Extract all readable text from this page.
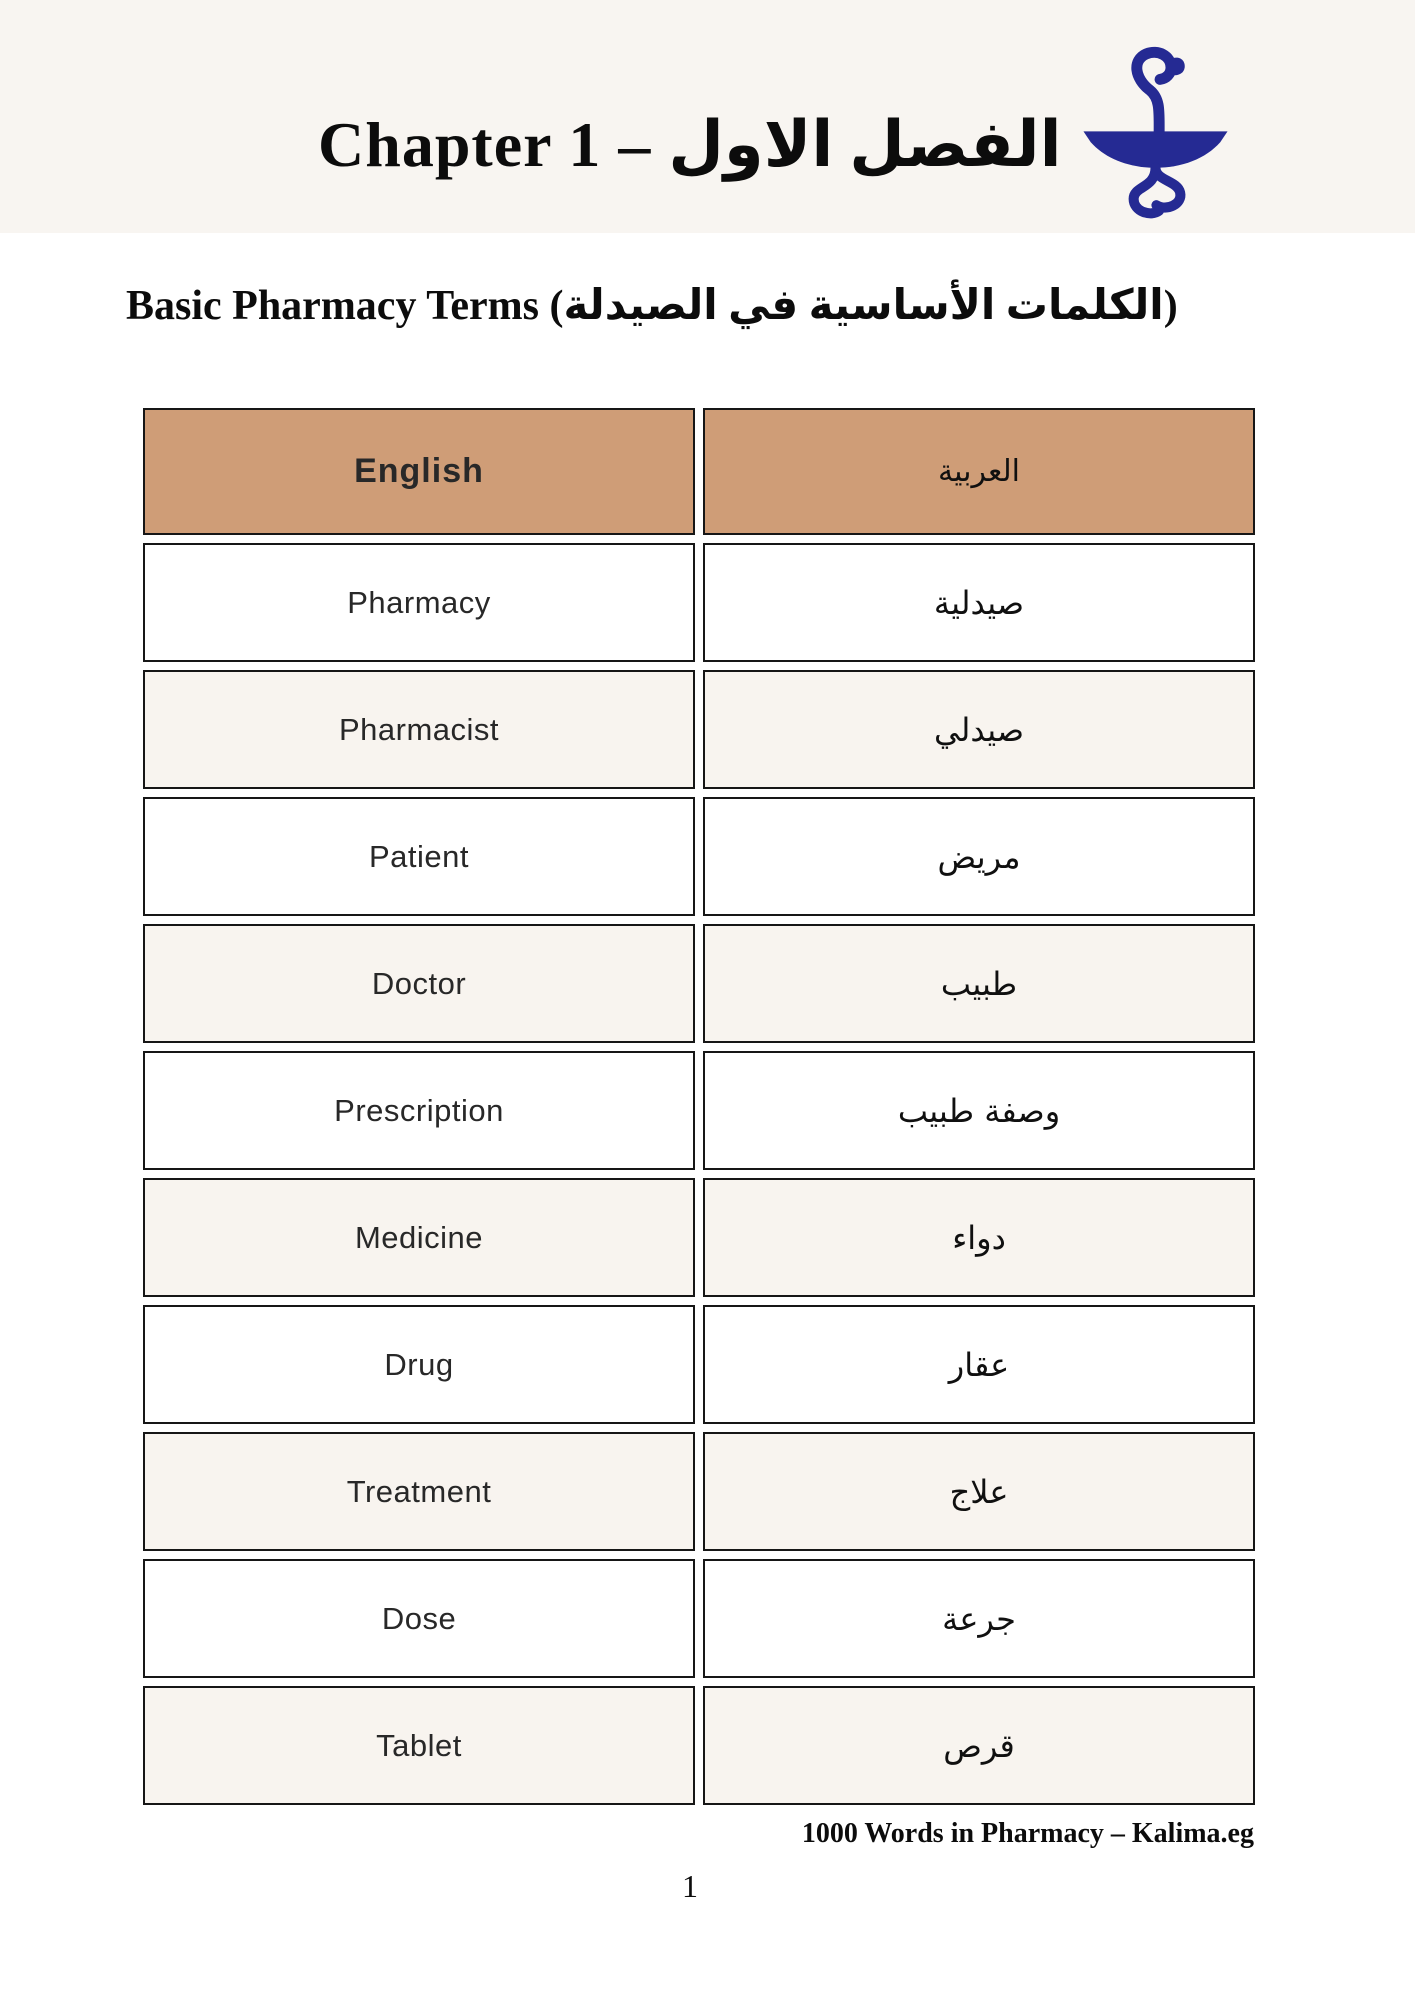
Chapter 1 – الفصل الاول
Basic Pharmacy Terms (الكلمات الأساسية في الصيدلة)
English	العربية
Pharmacy	صيدلية
Pharmacist	صيدلي
Patient	مريض
Doctor	طبيب
Prescription	وصفة طبيب
Medicine	دواء
Drug	عقار
Treatment	علاج
Dose	جرعة
Tablet	قرص
1000 Words in Pharmacy – Kalima.eg
1
